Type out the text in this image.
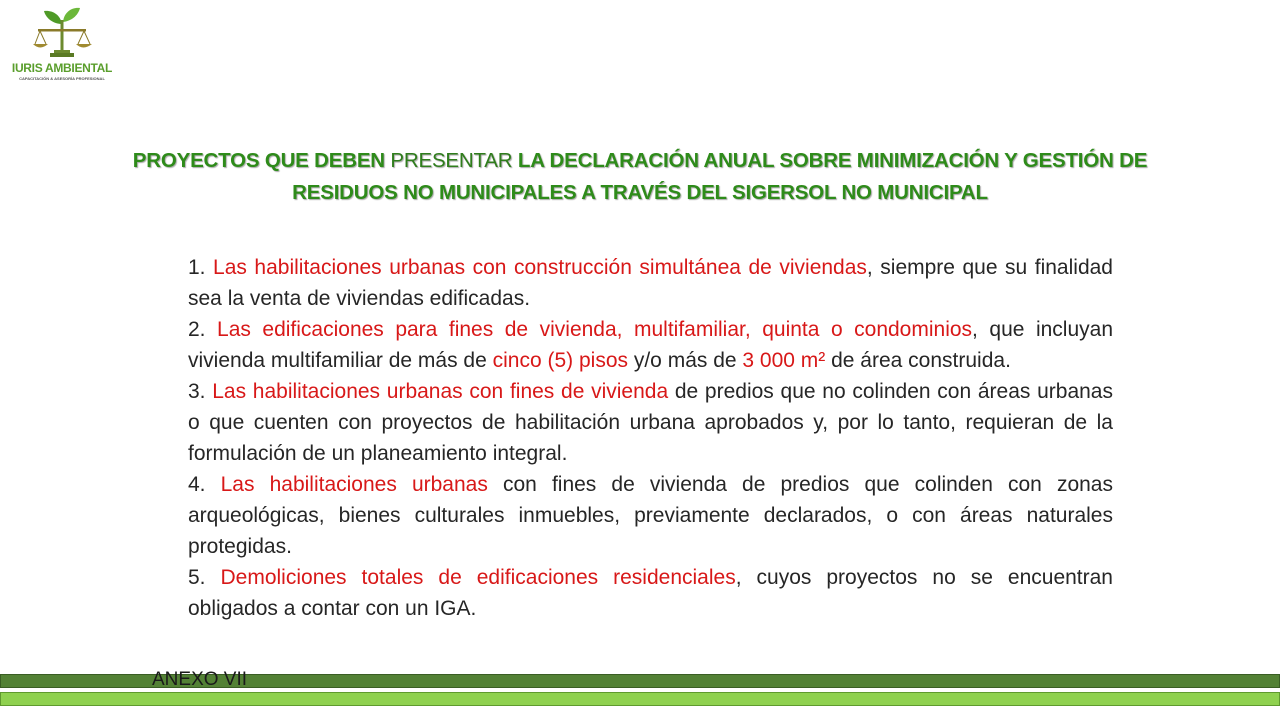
IURIS AMBIENTAL
CAPACITACIÓN & ASESORÍA PROFESIONAL
PROYECTOS QUE DEBEN PRESENTAR LA DECLARACIÓN ANUAL SOBRE MINIMIZACIÓN Y GESTIÓN DE RESIDUOS NO MUNICIPALES A TRAVÉS DEL SIGERSOL NO MUNICIPAL

1. Las habilitaciones urbanas con construcción simultánea de viviendas, siempre que su finalidad sea la venta de viviendas edificadas.

2. Las edificaciones para fines de vivienda, multifamiliar, quinta o condominios, que incluyan vivienda multifamiliar de más de cinco (5) pisos y/o más de 3 000 m² de área construida.

3. Las habilitaciones urbanas con fines de vivienda de predios que no colinden con áreas urbanas o que cuenten con proyectos de habilitación urbana aprobados y, por lo tanto, requieran de la formulación de un planeamiento integral.

4. Las habilitaciones urbanas con fines de vivienda de predios que colinden con zonas arqueológicas, bienes culturales inmuebles, previamente declarados, o con áreas naturales protegidas.

5. Demoliciones totales de edificaciones residenciales, cuyos proyectos no se encuentran obligados a contar con un IGA.

ANEXO VII
